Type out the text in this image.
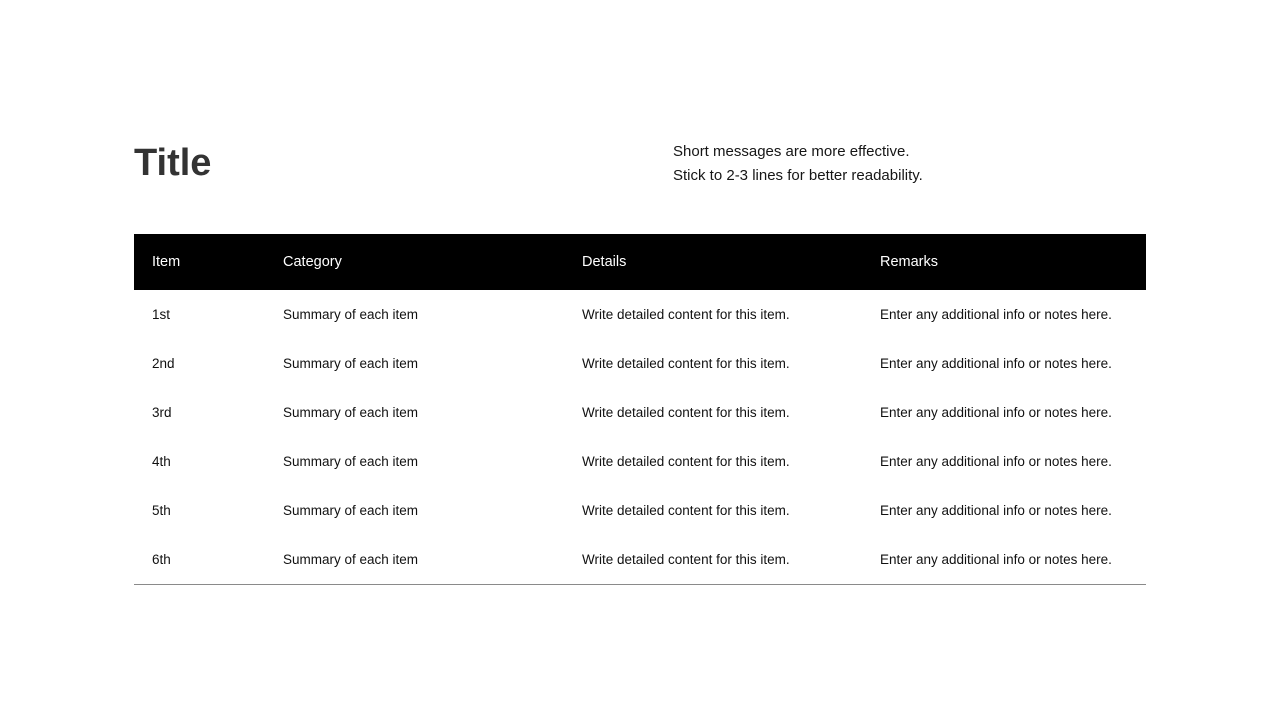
Title	Short messages are more effective.

Stick to 2-3 lines for better readability.

Item	Category	Details	Remarks
1st	Summary of each item	Write detailed content for this item.	Enter any additional info or notes here.
2nd	Summary of each item	Write detailed content for this item.	Enter any additional info or notes here.
3rd	Summary of each item	Write detailed content for this item.	Enter any additional info or notes here.
4th	Summary of each item	Write detailed content for this item.	Enter any additional info or notes here.
5th	Summary of each item	Write detailed content for this item.	Enter any additional info or notes here.
6th	Summary of each item	Write detailed content for this item.	Enter any additional info or notes here.
